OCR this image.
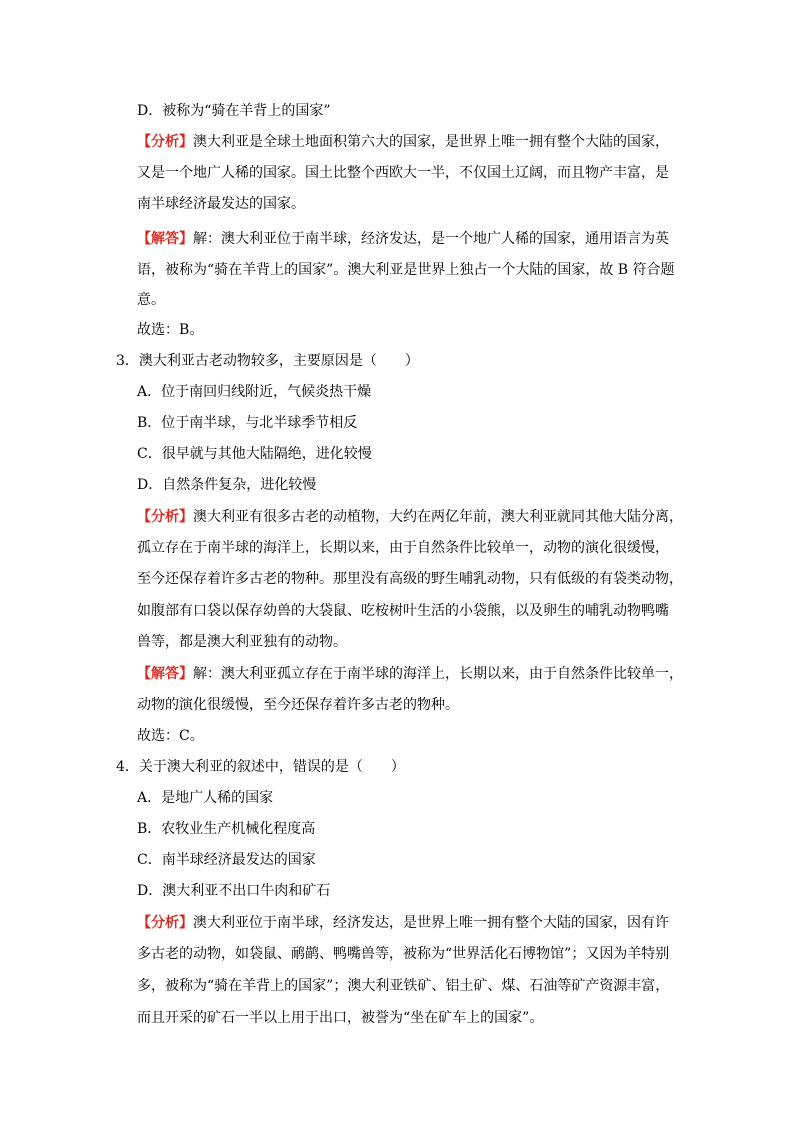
D．被称为“骑在羊背上的国家”
【分析】澳大利亚是全球土地面积第六大的国家，是世界上唯一拥有整个大陆的国家，
又是一个地广人稀的国家。国土比整个西欧大一半，不仅国土辽阔，而且物产丰富，是
南半球经济最发达的国家。
【解答】解：澳大利亚位于南半球，经济发达，是一个地广人稀的国家，通用语言为英
语，被称为“骑在羊背上的国家”。澳大利亚是世界上独占一个大陆的国家，故 B 符合题
意。
故选：B。
3．澳大利亚古老动物较多，主要原因是（　　）
A．位于南回归线附近，气候炎热干燥
B．位于南半球，与北半球季节相反
C．很早就与其他大陆隔绝，进化较慢
D．自然条件复杂，进化较慢
【分析】澳大利亚有很多古老的动植物，大约在两亿年前，澳大利亚就同其他大陆分离，
孤立存在于南半球的海洋上，长期以来，由于自然条件比较单一，动物的演化很缓慢，
至今还保存着许多古老的物种。那里没有高级的野生哺乳动物，只有低级的有袋类动物，
如腹部有口袋以保存幼兽的大袋鼠、吃桉树叶生活的小袋熊，以及卵生的哺乳动物鸭嘴
兽等，都是澳大利亚独有的动物。
【解答】解：澳大利亚孤立存在于南半球的海洋上，长期以来，由于自然条件比较单一，
动物的演化很缓慢，至今还保存着许多古老的物种。
故选：C。
4．关于澳大利亚的叙述中，错误的是（　　）
A．是地广人稀的国家
B．农牧业生产机械化程度高
C．南半球经济最发达的国家
D．澳大利亚不出口牛肉和矿石
【分析】澳大利亚位于南半球，经济发达，是世界上唯一拥有整个大陆的国家，因有许
多古老的动物，如袋鼠、鸸鹋、鸭嘴兽等，被称为“世界活化石博物馆”；又因为羊特别
多，被称为“骑在羊背上的国家”；澳大利亚铁矿、铝土矿、煤、石油等矿产资源丰富，
而且开采的矿石一半以上用于出口，被誉为“坐在矿车上的国家”。
